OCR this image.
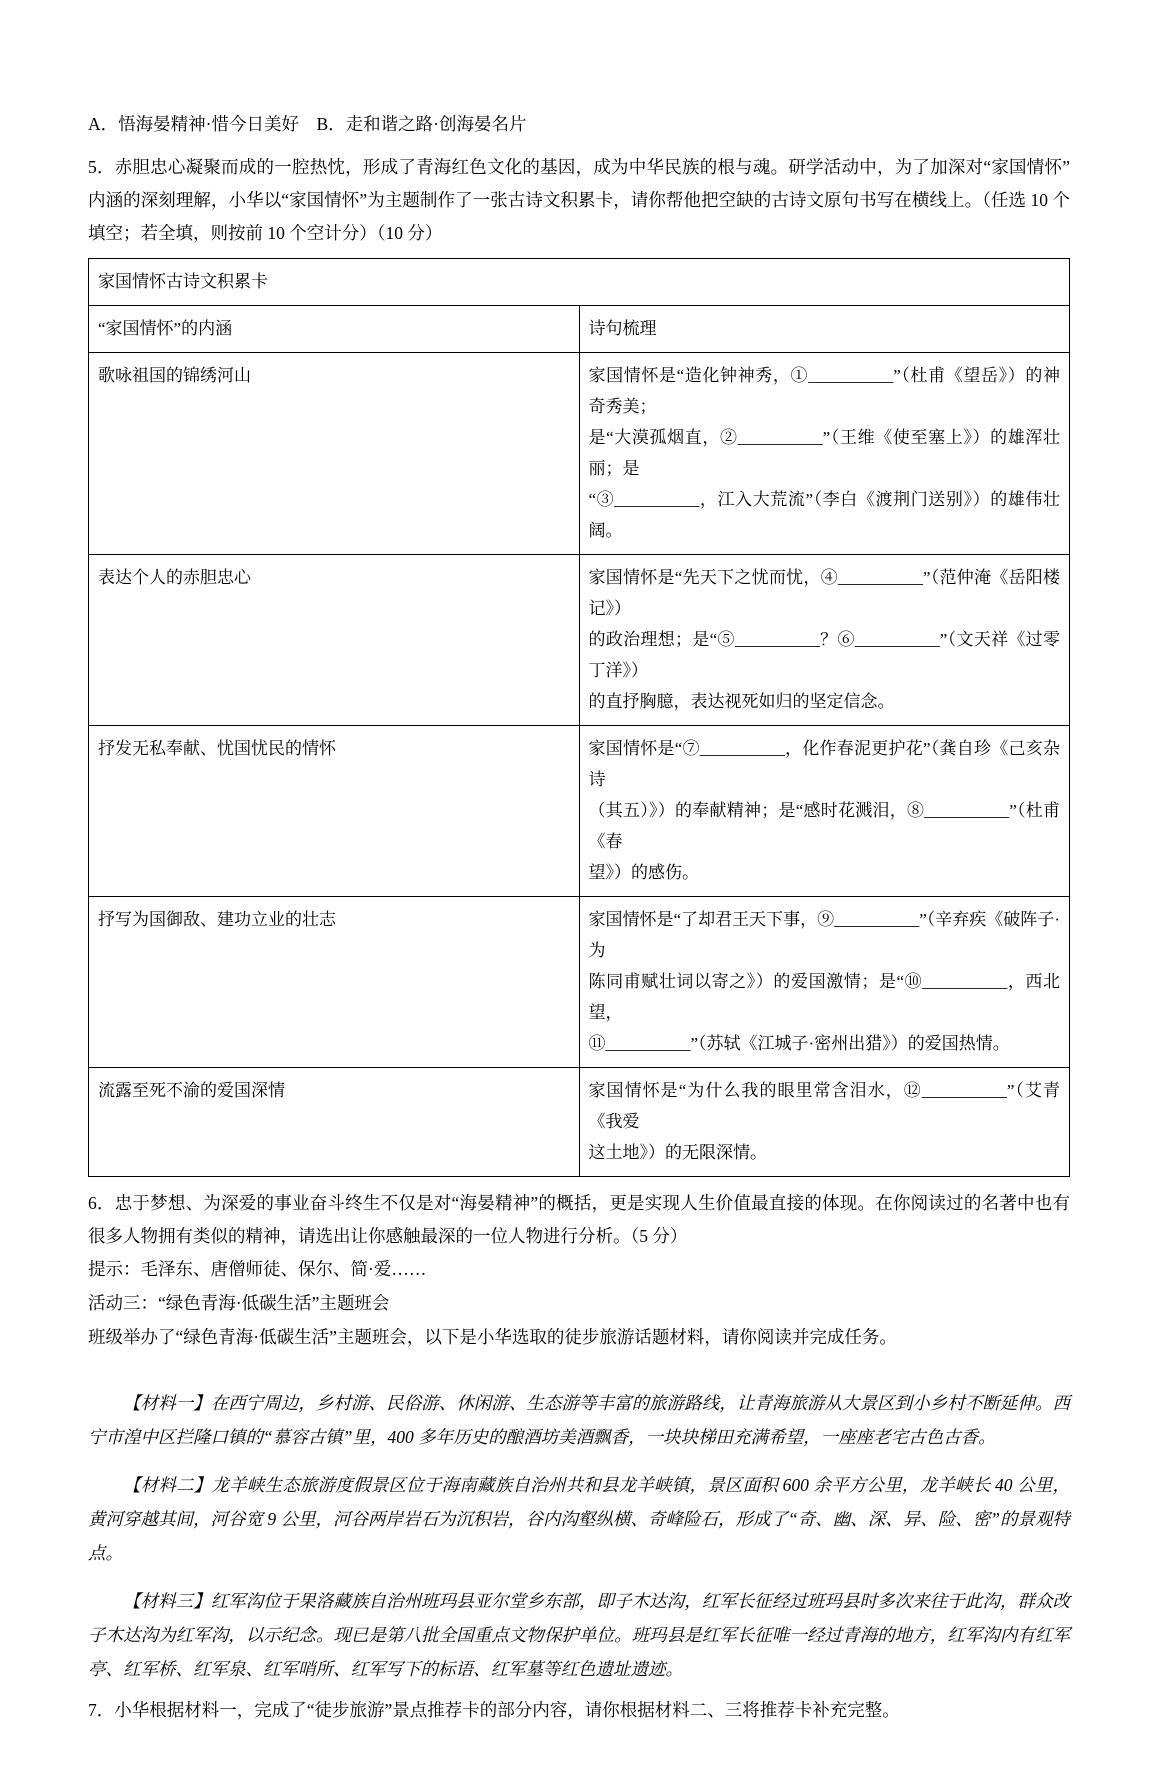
A．悟海晏精神·惜今日美好    B．走和谐之路·创海晏名片

5．赤胆忠心凝聚而成的一腔热忱，形成了青海红色文化的基因，成为中华民族的根与魂。研学活动中，为了加深对“家国情怀”内涵的深刻理解，小华以“家国情怀”为主题制作了一张古诗文积累卡，请你帮他把空缺的古诗文原句书写在横线上。（任选 10 个填空；若全填，则按前 10 个空计分）（10 分）

家国情怀古诗文积累卡	
“家国情怀”的内涵	诗句梳理
歌咏祖国的锦绣河山	家国情怀是“造化钟神秀，①__________”（杜甫《望岳》）的神奇秀美；
是“大漠孤烟直，②__________”（王维《使至塞上》）的雄浑壮丽；是
“③__________，江入大荒流”（李白《渡荆门送别》）的雄伟壮阔。

表达个人的赤胆忠心	家国情怀是“先天下之忧而忧，④__________”（范仲淹《岳阳楼记》）
的政治理想；是“⑤__________？⑥__________”（文天祥《过零丁洋》）
的直抒胸臆，表达视死如归的坚定信念。

抒发无私奉献、忧国忧民的情怀	家国情怀是“⑦__________，化作春泥更护花”（龚自珍《己亥杂诗
（其五）》）的奉献精神；是“感时花溅泪，⑧__________”（杜甫《春
望》）的感伤。

抒写为国御敌、建功立业的壮志	家国情怀是“了却君王天下事，⑨__________”（辛弃疾《破阵子·为
陈同甫赋壮词以寄之》）的爱国激情；是“⑩__________，西北望，
⑪__________”（苏轼《江城子·密州出猎》）的爱国热情。

流露至死不渝的爱国深情	家国情怀是“为什么我的眼里常含泪水，⑫__________”（艾青《我爱
这土地》）的无限深情。

6．忠于梦想、为深爱的事业奋斗终生不仅是对“海晏精神”的概括，更是实现人生价值最直接的体现。在你阅读过的名著中也有很多人物拥有类似的精神，请选出让你感触最深的一位人物进行分析。（5 分）

提示：毛泽东、唐僧师徒、保尔、简·爱……

活动三：“绿色青海·低碳生活”主题班会

班级举办了“绿色青海·低碳生活”主题班会，以下是小华选取的徒步旅游话题材料，请你阅读并完成任务。

【材料一】在西宁周边，乡村游、民俗游、休闲游、生态游等丰富的旅游路线，让青海旅游从大景区到小乡村不断延伸。西宁市湟中区拦隆口镇的“慕容古镇”里，400 多年历史的酿酒坊美酒飘香，一块块梯田充满希望，一座座老宅古色古香。

【材料二】龙羊峡生态旅游度假景区位于海南藏族自治州共和县龙羊峡镇，景区面积 600 余平方公里，龙羊峡长 40 公里，黄河穿越其间，河谷宽 9 公里，河谷两岸岩石为沉积岩，谷内沟壑纵横、奇峰险石，形成了“奇、幽、深、异、险、密”的景观特点。

【材料三】红军沟位于果洛藏族自治州班玛县亚尔堂乡东部，即子木达沟，红军长征经过班玛县时多次来往于此沟，群众改子木达沟为红军沟，以示纪念。现已是第八批全国重点文物保护单位。班玛县是红军长征唯一经过青海的地方，红军沟内有红军亭、红军桥、红军泉、红军哨所、红军写下的标语、红军墓等红色遗址遗迹。

7．小华根据材料一，完成了“徒步旅游”景点推荐卡的部分内容，请你根据材料二、三将推荐卡补充完整。
